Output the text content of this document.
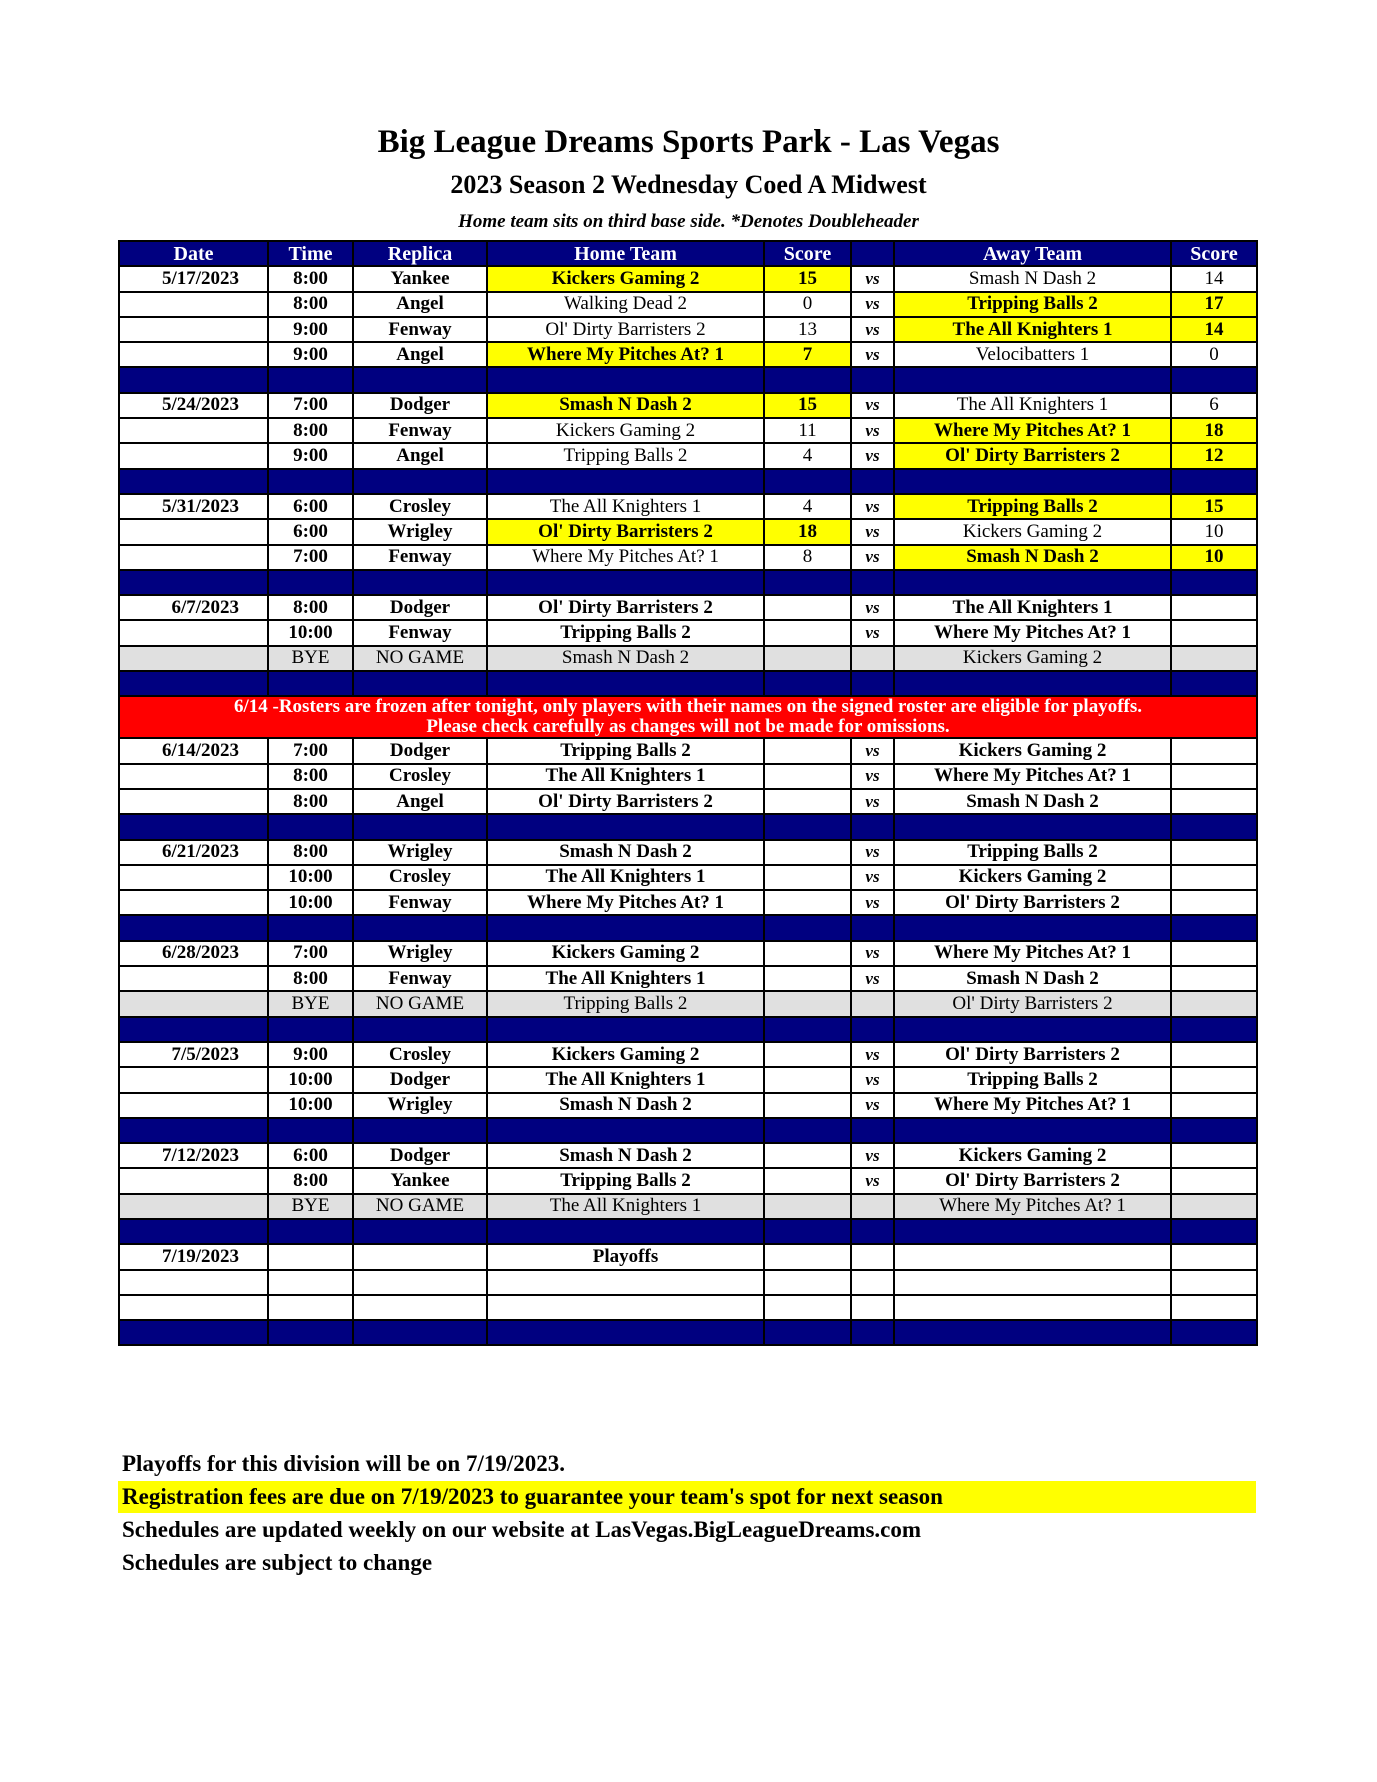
Big League Dreams Sports Park - Las Vegas
2023 Season 2 Wednesday Coed A Midwest
Home team sits on third base side. *Denotes Doubleheader
Date	Time	Replica	Home Team	Score		Away Team	Score
5/17/2023	8:00	Yankee	Kickers Gaming 2	15	vs	Smash N Dash 2	14
	8:00	Angel	Walking Dead 2	0	vs	Tripping Balls 2	17
	9:00	Fenway	Ol' Dirty Barristers 2	13	vs	The All Knighters 1	14
	9:00	Angel	Where My Pitches At? 1	7	vs	Velocibatters 1	0

5/24/2023	7:00	Dodger	Smash N Dash 2	15	vs	The All Knighters 1	6
	8:00	Fenway	Kickers Gaming 2	11	vs	Where My Pitches At? 1	18
	9:00	Angel	Tripping Balls 2	4	vs	Ol' Dirty Barristers 2	12

5/31/2023	6:00	Crosley	The All Knighters 1	4	vs	Tripping Balls 2	15
	6:00	Wrigley	Ol' Dirty Barristers 2	18	vs	Kickers Gaming 2	10
	7:00	Fenway	Where My Pitches At? 1	8	vs	Smash N Dash 2	10

6/7/2023	8:00	Dodger	Ol' Dirty Barristers 2		vs	The All Knighters 1	
	10:00	Fenway	Tripping Balls 2		vs	Where My Pitches At? 1	
	BYE	NO GAME	Smash N Dash 2			Kickers Gaming 2	

6/14 -Rosters are frozen after tonight, only players with their names on the signed roster are eligible for playoffs.
Please check carefully as changes will not be made for omissions.							

6/14/2023	7:00	Dodger	Tripping Balls 2		vs	Kickers Gaming 2	
	8:00	Crosley	The All Knighters 1		vs	Where My Pitches At? 1	
	8:00	Angel	Ol' Dirty Barristers 2		vs	Smash N Dash 2	

6/21/2023	8:00	Wrigley	Smash N Dash 2		vs	Tripping Balls 2	
	10:00	Crosley	The All Knighters 1		vs	Kickers Gaming 2	
	10:00	Fenway	Where My Pitches At? 1		vs	Ol' Dirty Barristers 2	

6/28/2023	7:00	Wrigley	Kickers Gaming 2		vs	Where My Pitches At? 1	
	8:00	Fenway	The All Knighters 1		vs	Smash N Dash 2	
	BYE	NO GAME	Tripping Balls 2			Ol' Dirty Barristers 2	

7/5/2023	9:00	Crosley	Kickers Gaming 2		vs	Ol' Dirty Barristers 2	
	10:00	Dodger	The All Knighters 1		vs	Tripping Balls 2	
	10:00	Wrigley	Smash N Dash 2		vs	Where My Pitches At? 1	

7/12/2023	6:00	Dodger	Smash N Dash 2		vs	Kickers Gaming 2	
	8:00	Yankee	Tripping Balls 2		vs	Ol' Dirty Barristers 2	
	BYE	NO GAME	The All Knighters 1			Where My Pitches At? 1	

7/19/2023			Playoffs				

Playoffs for this division will be on 7/19/2023.
Registration fees are due on 7/19/2023 to guarantee your team's spot for next season
Schedules are updated weekly on our website at LasVegas.BigLeagueDreams.com
Schedules are subject to change
